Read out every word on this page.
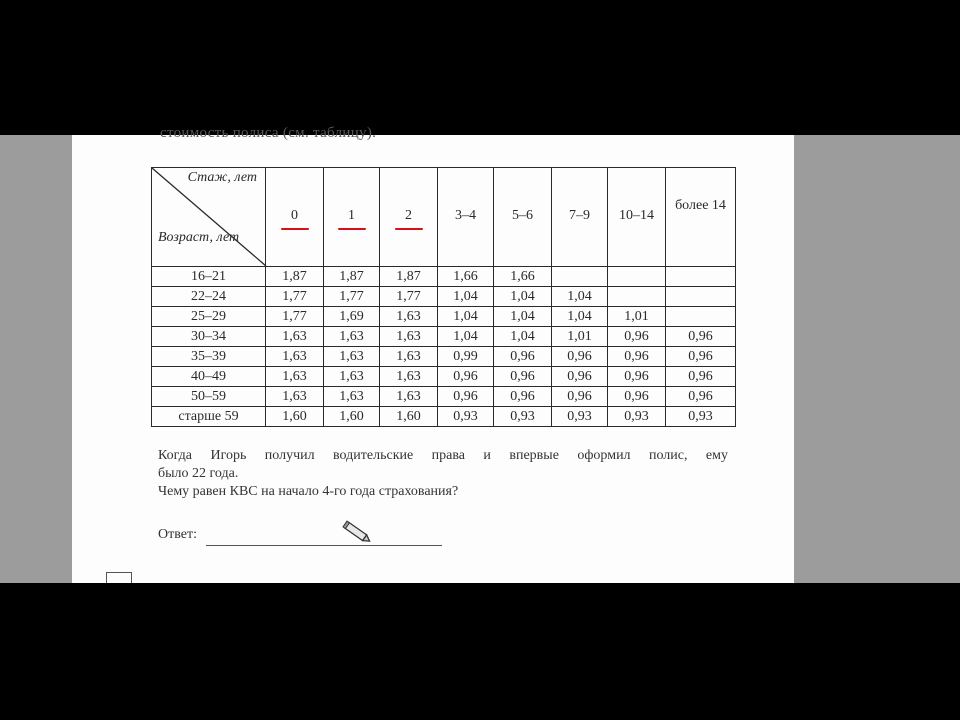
стоимость полиса (см. таблицу).
Стаж, лет
Возраст, лет	0	1	2	3–4	5–6	7–9	10–14	более 14

16–21	1,87	1,87	1,87	1,66	1,66			
22–24	1,77	1,77	1,77	1,04	1,04	1,04		
25–29	1,77	1,69	1,63	1,04	1,04	1,04	1,01	
30–34	1,63	1,63	1,63	1,04	1,04	1,01	0,96	0,96
35–39	1,63	1,63	1,63	0,99	0,96	0,96	0,96	0,96
40–49	1,63	1,63	1,63	0,96	0,96	0,96	0,96	0,96
50–59	1,63	1,63	1,63	0,96	0,96	0,96	0,96	0,96
старше 59	1,60	1,60	1,60	0,93	0,93	0,93	0,93	0,93

Когда Игорь получил водительские права и впервые оформил полис, ему

было 22 года.

Чему равен КВС на начало 4-го года страхования?

Ответ:
